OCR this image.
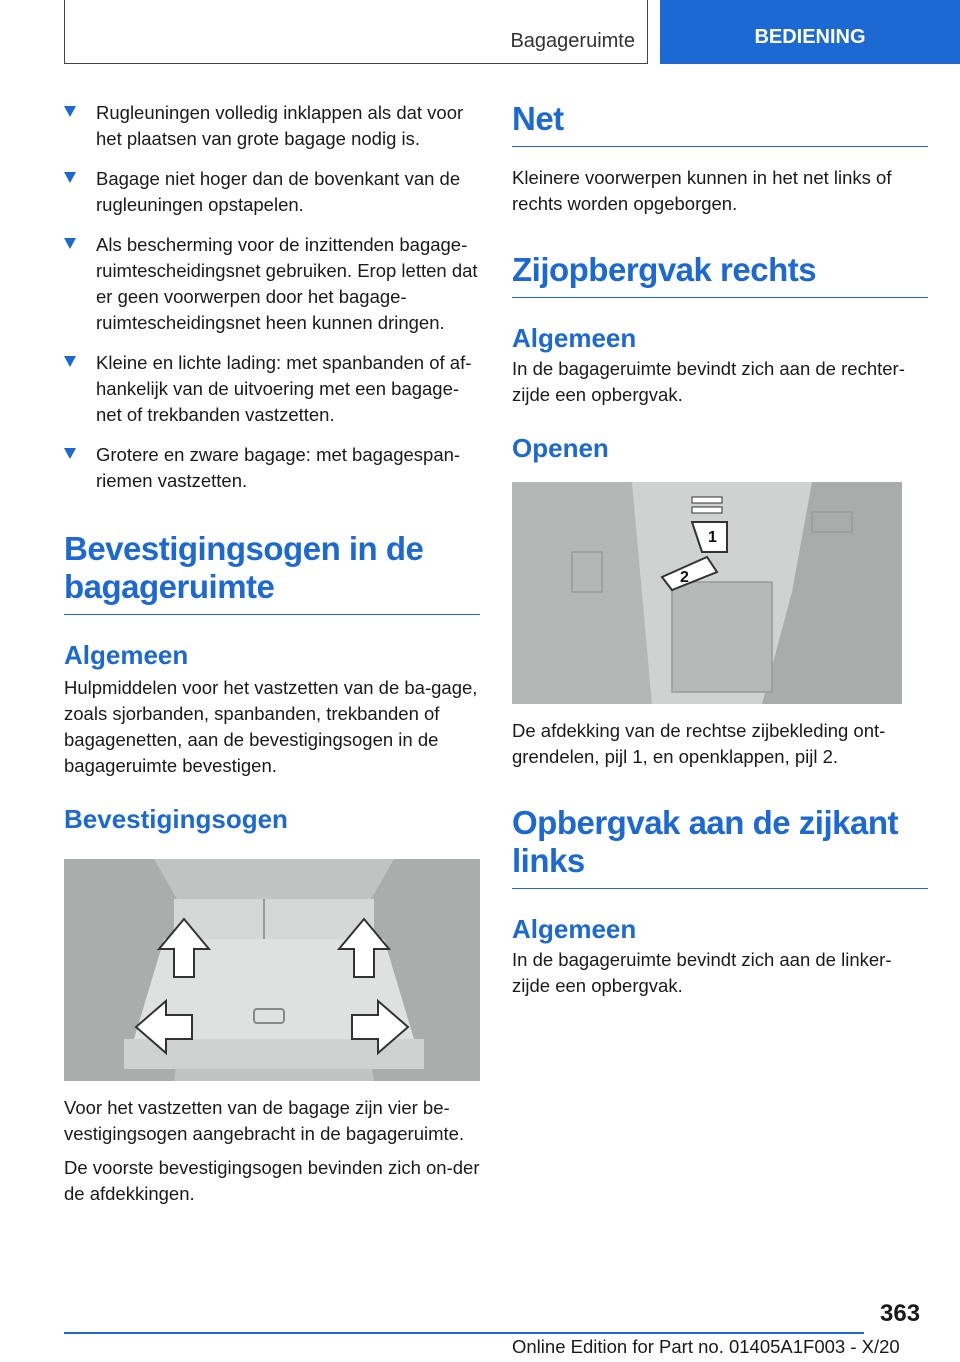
Bagageruimte	BEDIENING
Rugleuningen volledig inklappen als dat voor het plaatsen van grote bagage nodig is.
Bagage niet hoger dan de bovenkant van de rugleuningen opstapelen.
Als bescherming voor de inzittenden bagage-ruimtescheidingsnet gebruiken. Erop letten dat er geen voorwerpen door het bagage-ruimtescheidingsnet heen kunnen dringen.
Kleine en lichte lading: met spanbanden of af-hankelijk van de uitvoering met een bagage-net of trekbanden vastzetten.
Grotere en zware bagage: met bagagespan-riemen vastzetten.
Bevestigingsogen in de bagageruimte
Algemeen

Hulpmiddelen voor het vastzetten van de ba-gage, zoals sjorbanden, spanbanden, trekbanden of bagagenetten, aan de bevestigingsogen in de bagageruimte bevestigen.

Bevestigingsogen

Voor het vastzetten van de bagage zijn vier be-vestigingsogen aangebracht in de bagageruimte.

De voorste bevestigingsogen bevinden zich on-der de afdekkingen.

Net

Kleinere voorwerpen kunnen in het net links of rechts worden opgeborgen.

Zijopbergvak rechts
Algemeen

In de bagageruimte bevindt zich aan de rechter-zijde een opbergvak.

Openen
1
2

De afdekking van de rechtse zijbekleding ont-grendelen, pijl 1, en openklappen, pijl 2.

Opbergvak aan de zijkant links
Algemeen

In de bagageruimte bevindt zich aan de linker-zijde een opbergvak.

363
Online Edition for Part no. 01405A1F003 - X/20
